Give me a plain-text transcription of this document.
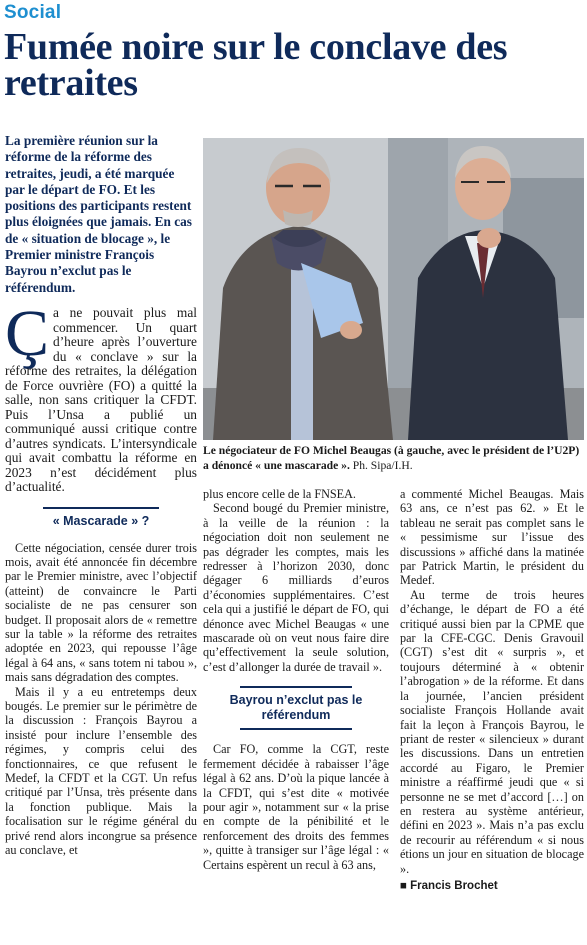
Social
Fumée noire sur le conclave des retraites
La première réunion sur la réforme de la réforme des retraites, jeudi, a été marquée par le départ de FO. Et les positions des participants restent plus éloignées que jamais. En cas de « situation de blocage », le Premier ministre François Bayrou n’exclut pas le référendum.
Le négociateur de FO Michel Beaugas (à gauche, avec le président de l’U2P) a dénoncé « une mascarade ». Ph. Sipa/I.H.
Ça ne pouvait plus mal commencer. Un quart d’heure après l’ouverture du « conclave » sur la réforme des retraites, la délégation de Force ouvrière (FO) a quitté la salle, non sans critiquer la CFDT. Puis l’Unsa a publié un communiqué aussi critique contre d’autres syndicats. L’intersyndicale qui avait combattu la réforme en 2023 n’est décidément plus d’actualité.
« Mascarade » ?

Cette négociation, censée durer trois mois, avait été annoncée fin décembre par le Premier ministre, avec l’objectif (atteint) de convaincre le Parti socialiste de ne pas censurer son budget. Il proposait alors de « remettre sur la table » la réforme des retraites adoptée en 2023, qui repousse l’âge légal à 64 ans, « sans totem ni tabou », mais sans dégradation des comptes.

Mais il y a eu entretemps deux bougés. Le premier sur le périmètre de la discussion : François Bayrou a insisté pour inclure l’ensemble des régimes, y compris celui des fonctionnaires, ce que refusent le Medef, la CFDT et la CGT. Un refus critiqué par l’Unsa, très présente dans la fonction publique. Mais la focalisation sur le régime général du privé rend alors incongrue sa présence au conclave, et

plus encore celle de la FNSEA.

Second bougé du Premier ministre, à la veille de la réunion : la négociation doit non seulement ne pas dégrader les comptes, mais les redresser à l’horizon 2030, donc dégager 6 milliards d’euros d’économies supplémentaires. C’est cela qui a justifié le départ de FO, qui dénonce avec Michel Beaugas « une mascarade où on veut nous faire dire qu’effectivement la seule solution, c’est d’allonger la durée de travail ».

Bayrou n’exclut pas le référendum

Car FO, comme la CGT, reste fermement décidée à rabaisser l’âge légal à 62 ans. D’où la pique lancée à la CFDT, qui s’est dite « motivée pour agir », notamment sur « la prise en compte de la pénibilité et le renforcement des droits des femmes », quitte à transiger sur l’âge légal : « Certains espèrent un recul à 63 ans,

a commenté Michel Beaugas. Mais 63 ans, ce n’est pas 62. » Et le tableau ne serait pas complet sans le « pessimisme sur l’issue des discussions » affiché dans la matinée par Patrick Martin, le président du Medef.

Au terme de trois heures d’échange, le départ de FO a été critiqué aussi bien par la CPME que par la CFE-CGC. Denis Gravouil (CGT) s’est dit « surpris », et toujours déterminé à « obtenir l’abrogation » de la réforme. Et dans la journée, l’ancien président socialiste François Hollande avait fait la leçon à François Bayrou, le priant de rester « silencieux » durant les discussions. Dans un entretien accordé au Figaro, le Premier ministre a réaffirmé jeudi que « si personne ne se met d’accord […] on en restera au système antérieur, défini en 2023 ». Mais n’a pas exclu de recourir au référendum « si nous étions un jour en situation de blocage ».

■ Francis Brochet
